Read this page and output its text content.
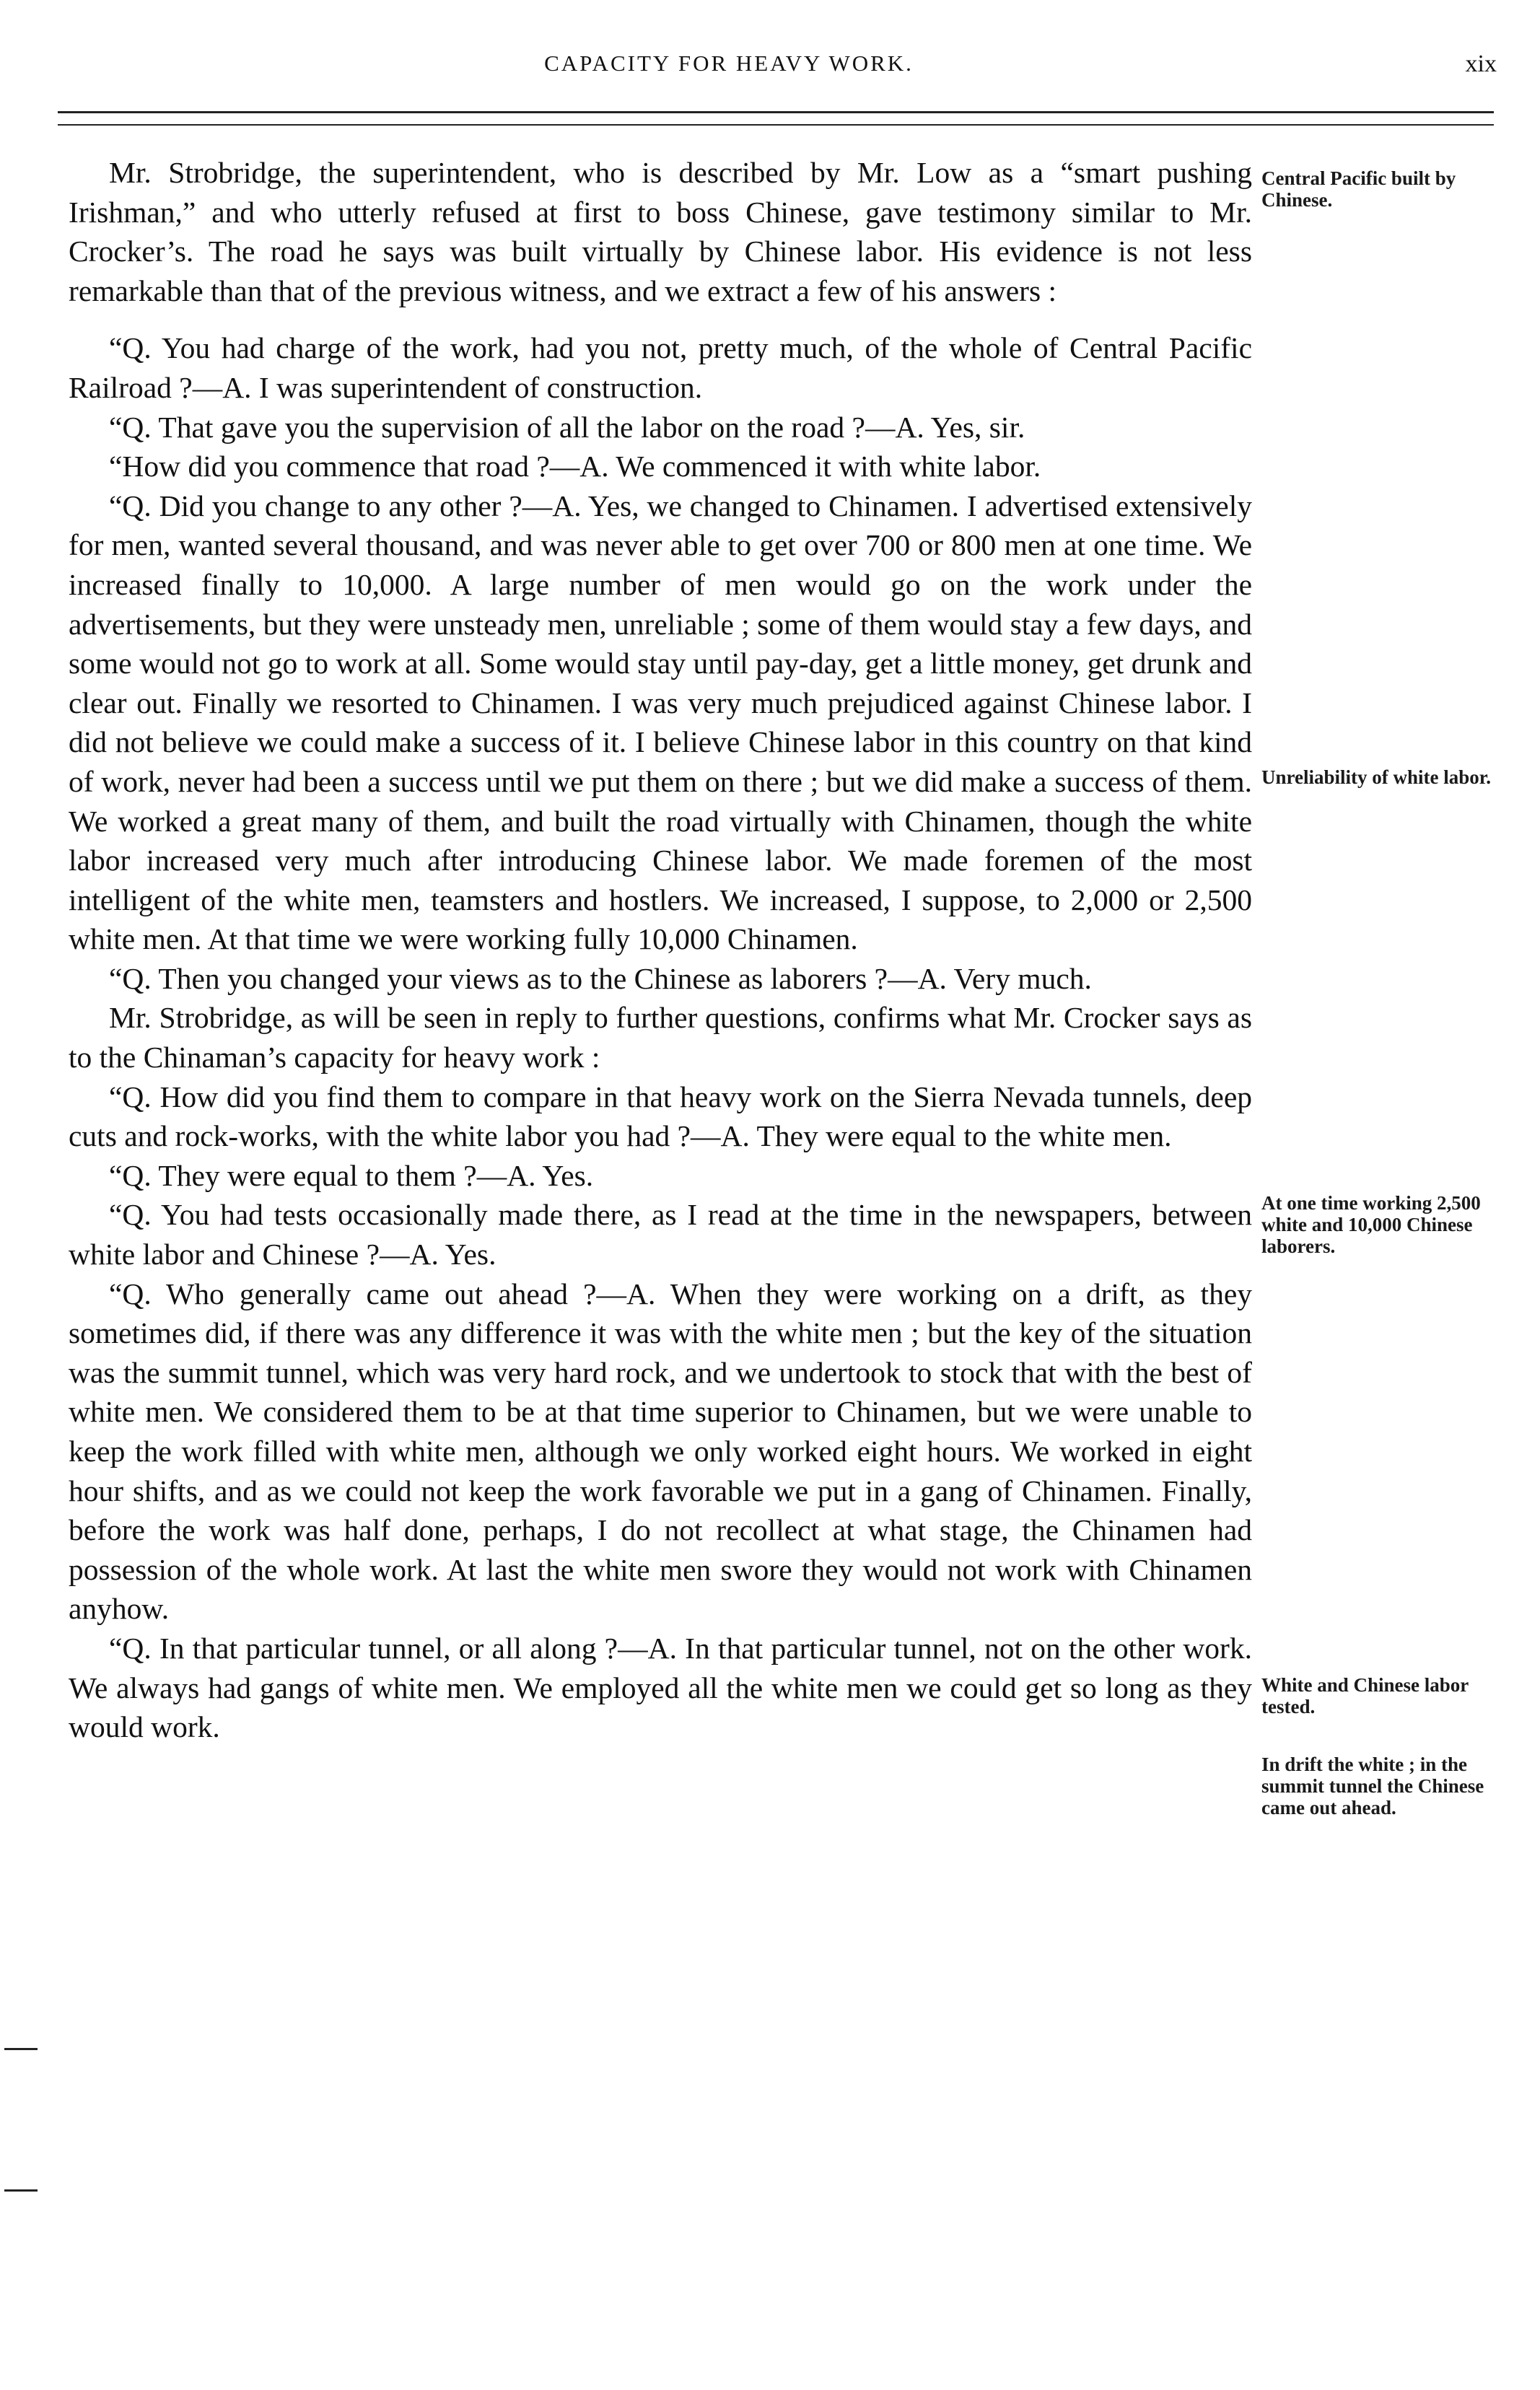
CAPACITY FOR HEAVY WORK.	xix

Mr. Strobridge, the superintendent, who is described by Mr. Low as a “smart pushing Irishman,” and who utterly refused at first to boss Chinese, gave testimony similar to Mr. Crocker’s. The road he says was built virtually by Chinese labor. His evidence is not less remarkable than that of the previous witness, and we extract a few of his answers :

“Q. You had charge of the work, had you not, pretty much, of the whole of Central Pacific Railroad ?—A. I was superintendent of construction.

“Q. That gave you the supervision of all the labor on the road ?—A. Yes, sir.

“How did you commence that road ?—A. We commenced it with white labor.

“Q. Did you change to any other ?—A. Yes, we changed to Chinamen. I advertised extensively for men, wanted several thousand, and was never able to get over 700 or 800 men at one time. We increased finally to 10,000. A large number of men would go on the work under the advertisements, but they were unsteady men, unreliable ; some of them would stay a few days, and some would not go to work at all. Some would stay until pay-day, get a little money, get drunk and clear out. Finally we resorted to Chinamen. I was very much prejudiced against Chinese labor. I did not believe we could make a success of it. I believe Chinese labor in this country on that kind of work, never had been a success until we put them on there ; but we did make a success of them. We worked a great many of them, and built the road virtually with Chinamen, though the white labor increased very much after introducing Chinese labor. We made foremen of the most intelligent of the white men, teamsters and hostlers. We increased, I suppose, to 2,000 or 2,500 white men. At that time we were working fully 10,000 Chinamen.

“Q. Then you changed your views as to the Chinese as laborers ?—A. Very much.

Mr. Strobridge, as will be seen in reply to further questions, confirms what Mr. Crocker says as to the Chinaman’s capacity for heavy work :

“Q. How did you find them to compare in that heavy work on the Sierra Nevada tunnels, deep cuts and rock-works, with the white labor you had ?—A. They were equal to the white men.

“Q. They were equal to them ?—A. Yes.

“Q. You had tests occasionally made there, as I read at the time in the newspapers, between white labor and Chinese ?—A. Yes.

“Q. Who generally came out ahead ?—A. When they were working on a drift, as they sometimes did, if there was any difference it was with the white men ; but the key of the situation was the summit tunnel, which was very hard rock, and we undertook to stock that with the best of white men. We considered them to be at that time superior to Chinamen, but we were unable to keep the work filled with white men, although we only worked eight hours. We worked in eight hour shifts, and as we could not keep the work favorable we put in a gang of Chinamen. Finally, before the work was half done, perhaps, I do not recollect at what stage, the Chinamen had possession of the whole work. At last the white men swore they would not work with Chinamen anyhow.

“Q. In that particular tunnel, or all along ?—A. In that particular tunnel, not on the other work. We always had gangs of white men. We employed all the white men we could get so long as they would work.

Central Pacific built by Chinese.
Unreliability of white labor.
At one time working 2,500 white and 10,000 Chinese laborers.
White and Chinese labor tested.
In drift the white ; in the summit tunnel the Chinese came out ahead.
